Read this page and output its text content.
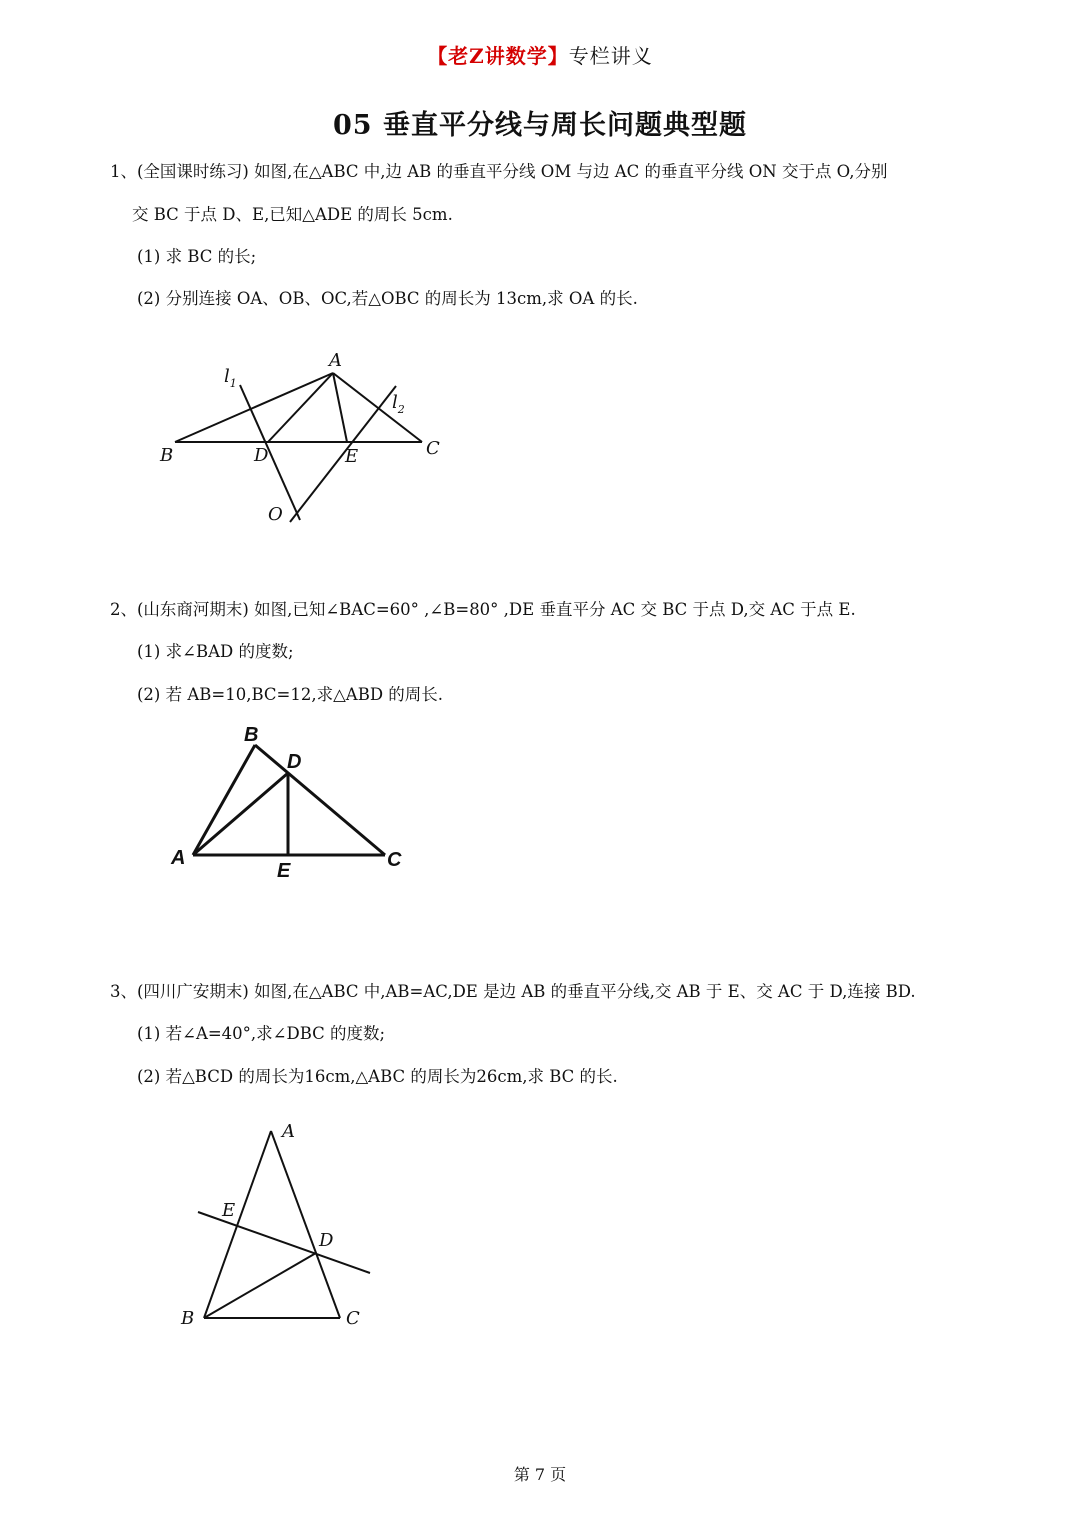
【老Z讲数学】专栏讲义
05 垂直平分线与周长问题典型题
1、(全国课时练习) 如图,在△ABC 中,边 AB 的垂直平分线 OM 与边 AC 的垂直平分线 ON 交于点 O,分别
交 BC 于点 D、E,已知△ADE 的周长 5cm.
(1) 求 BC 的长;
(2) 分别连接 OA、OB、OC,若△OBC 的周长为 13cm,求 OA 的长.
A
B	C
D	E
O
$l_1$
$l_2$
2、(山东商河期末) 如图,已知∠BAC=60° ,∠B=80° ,DE 垂直平分 AC 交 BC 于点 D,交 AC 于点 E.
(1) 求∠BAD 的度数;
(2) 若 AB=10,BC=12,求△ABD 的周长.
B
D
A
E	C
3、(四川广安期末) 如图,在△ABC 中,AB=AC,DE 是边 AB 的垂直平分线,交 AB 于 E、交 AC 于 D,连接 BD.
(1) 若∠A=40°,求∠DBC 的度数;
(2) 若△BCD 的周长为16cm,△ABC 的周长为26cm,求 BC 的长.
A
E
D
B	C
第 7 页
